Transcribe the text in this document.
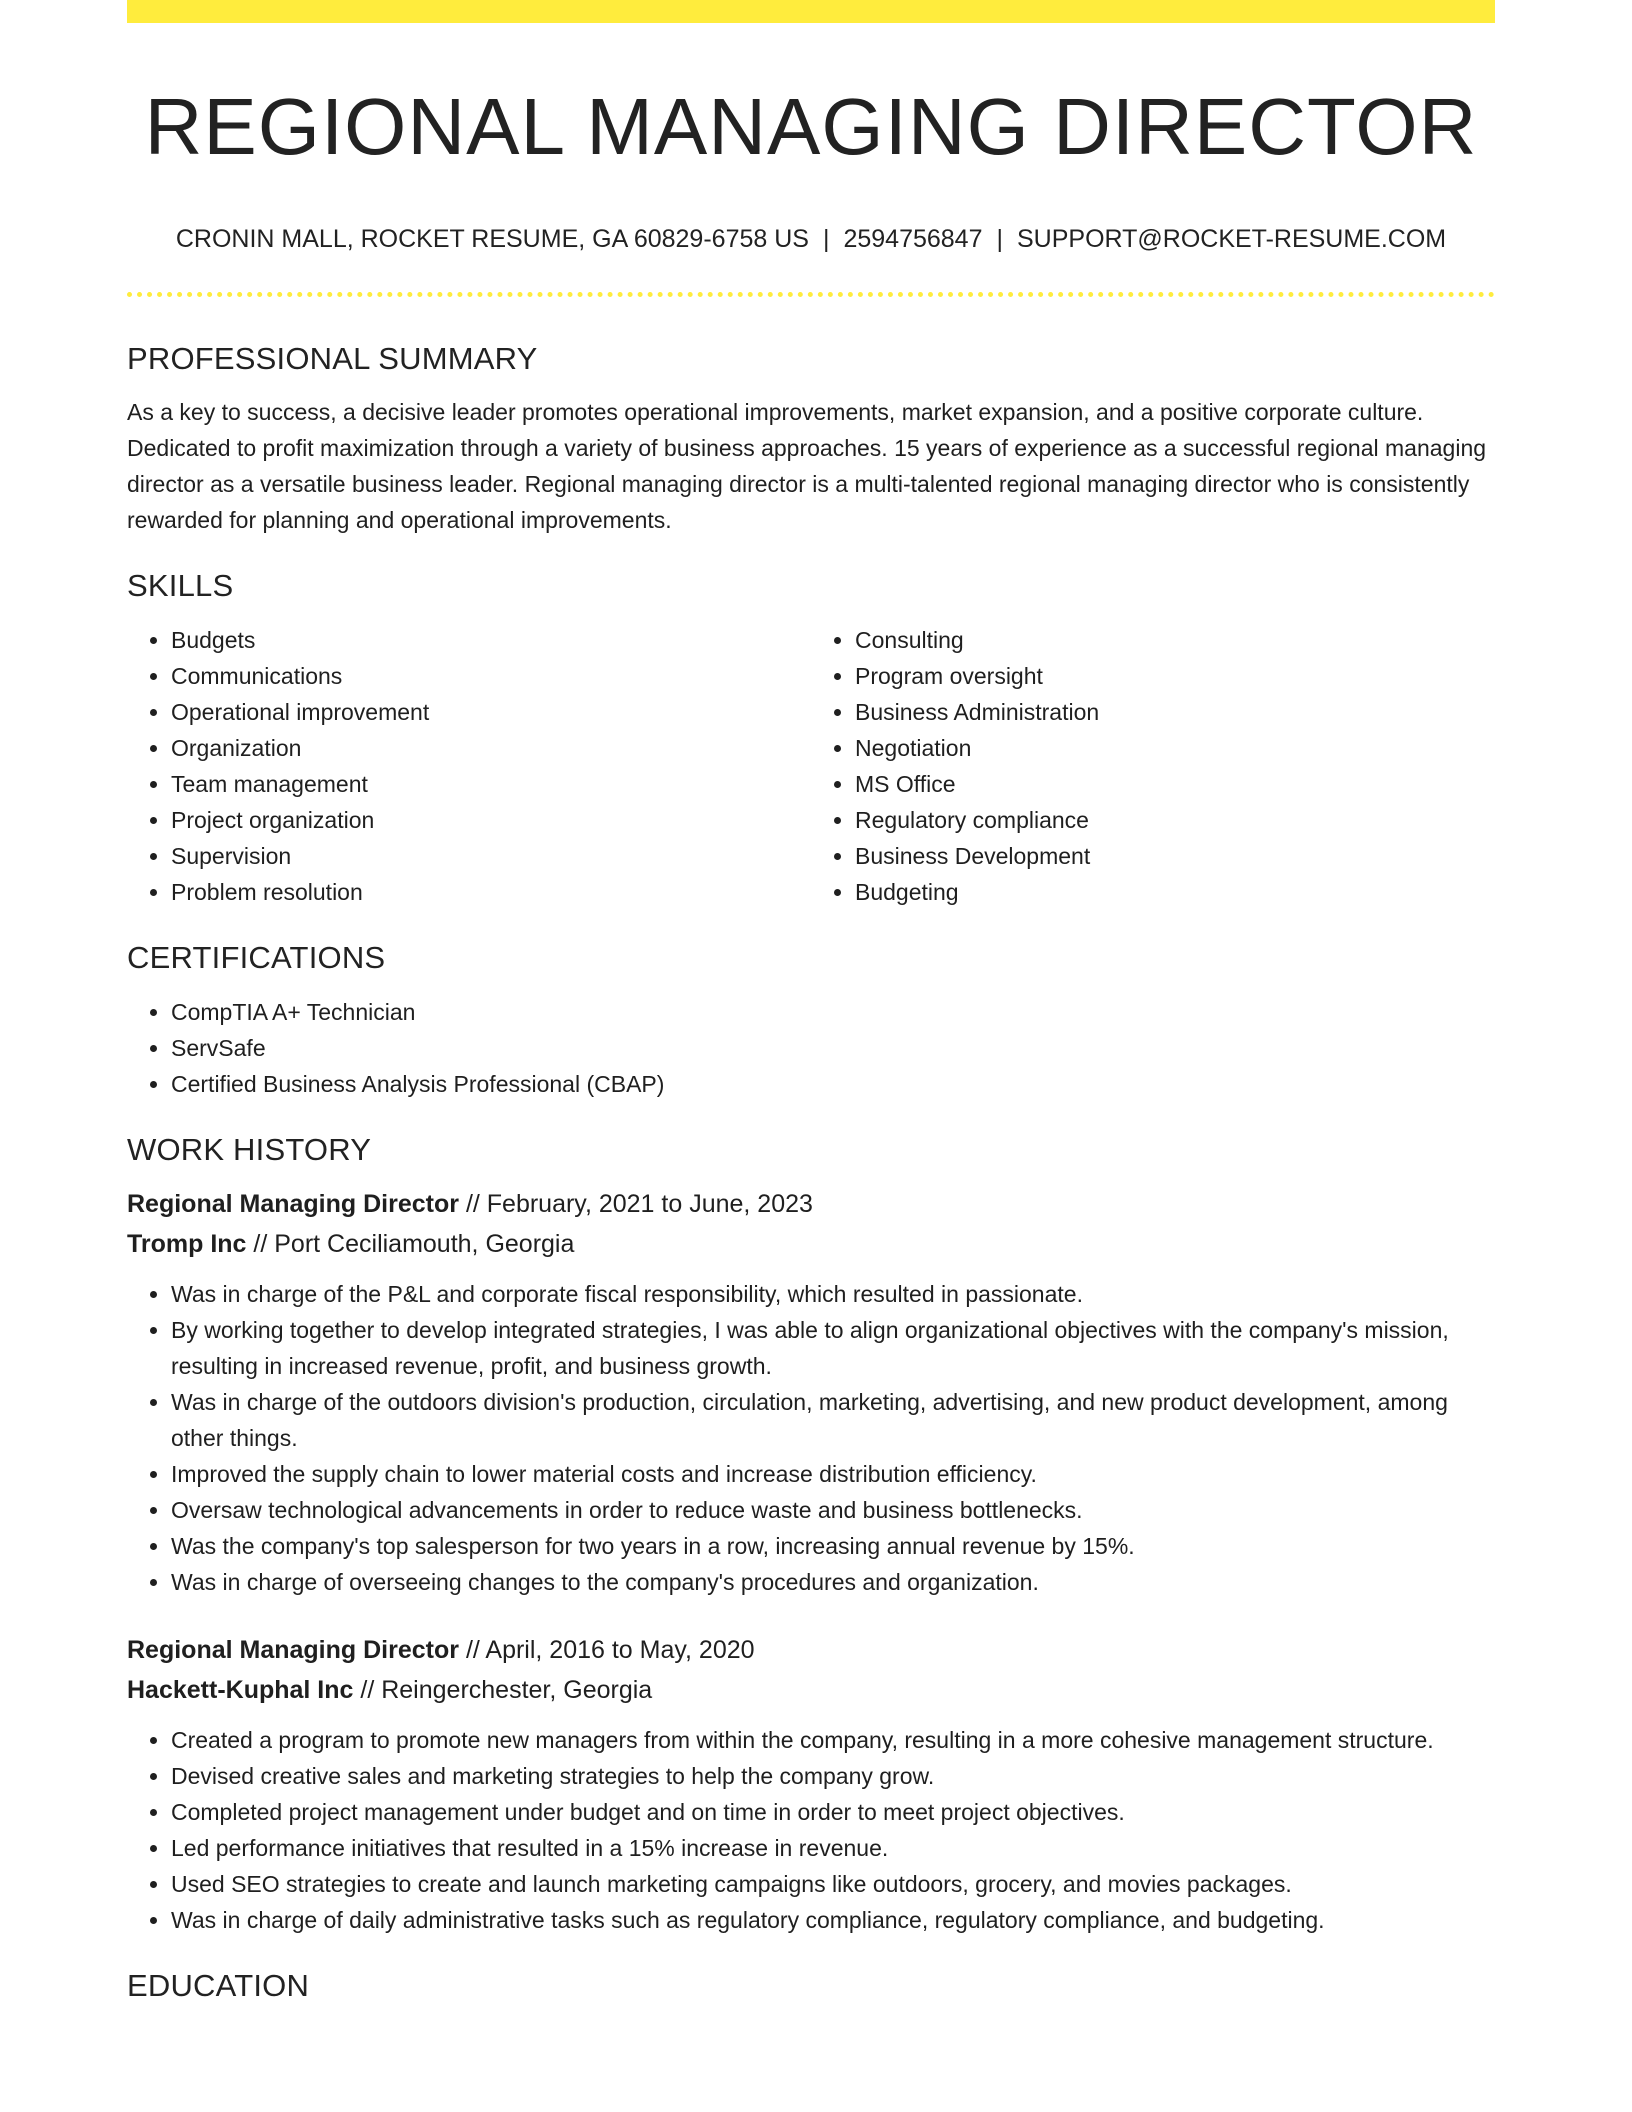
REGIONAL MANAGING DIRECTOR
CRONIN MALL, ROCKET RESUME, GA 60829-6758 US | 2594756847 | SUPPORT@ROCKET-RESUME.COM
PROFESSIONAL SUMMARY

As a key to success, a decisive leader promotes operational improvements, market expansion, and a positive corporate culture. Dedicated to profit maximization through a variety of business approaches. 15 years of experience as a successful regional managing director as a versatile business leader. Regional managing director is a multi-talented regional managing director who is consistently rewarded for planning and operational improvements.

SKILLS
• Budgets
• Communications
• Operational improvement
• Organization
• Team management
• Project organization
• Supervision
• Problem resolution
• Consulting
• Program oversight
• Business Administration
• Negotiation
• MS Office
• Regulatory compliance
• Business Development
• Budgeting
CERTIFICATIONS
• CompTIA A+ Technician
• ServSafe
• Certified Business Analysis Professional (CBAP)
WORK HISTORY

Regional Managing Director // February, 2021 to June, 2023

Tromp Inc // Port Ceciliamouth, Georgia

• Was in charge of the P&L and corporate fiscal responsibility, which resulted in passionate.
• By working together to develop integrated strategies, I was able to align organizational objectives with the company's mission, resulting in increased revenue, profit, and business growth.
• Was in charge of the outdoors division's production, circulation, marketing, advertising, and new product development, among other things.
• Improved the supply chain to lower material costs and increase distribution efficiency.
• Oversaw technological advancements in order to reduce waste and business bottlenecks.
• Was the company's top salesperson for two years in a row, increasing annual revenue by 15%.
• Was in charge of overseeing changes to the company's procedures and organization.

Regional Managing Director // April, 2016 to May, 2020

Hackett-Kuphal Inc // Reingerchester, Georgia

• Created a program to promote new managers from within the company, resulting in a more cohesive management structure.
• Devised creative sales and marketing strategies to help the company grow.
• Completed project management under budget and on time in order to meet project objectives.
• Led performance initiatives that resulted in a 15% increase in revenue.
• Used SEO strategies to create and launch marketing campaigns like outdoors, grocery, and movies packages.
• Was in charge of daily administrative tasks such as regulatory compliance, regulatory compliance, and budgeting.
EDUCATION
